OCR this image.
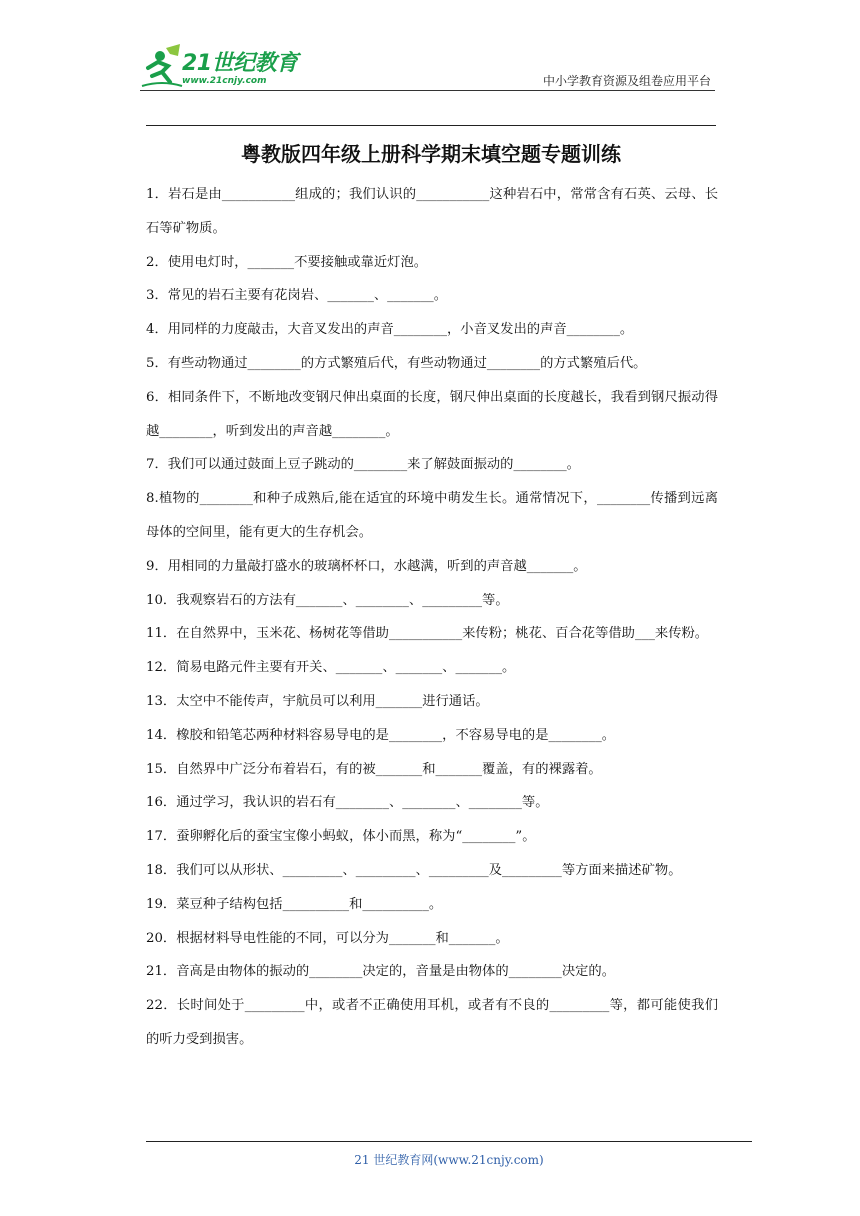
21世纪教育
www.21cnjy.com	中小学教育资源及组卷应用平台
粤教版四年级上册科学期末填空题专题训练

1．岩石是由___________组成的；我们认识的___________这种岩石中，常常含有石英、云母、长石等矿物质。

2．使用电灯时，_______不要接触或靠近灯泡。

3．常见的岩石主要有花岗岩、_______、_______。

4．用同样的力度敲击，大音叉发出的声音________，小音叉发出的声音________。

5．有些动物通过________的方式繁殖后代，有些动物通过________的方式繁殖后代。

6．相同条件下，不断地改变钢尺伸出桌面的长度，钢尺伸出桌面的长度越长，我看到钢尺振动得越________，听到发出的声音越________。

7．我们可以通过鼓面上豆子跳动的________来了解鼓面振动的________。

8.植物的________和种子成熟后,能在适宜的环境中萌发生长。通常情况下，________传播到远离母体的空间里，能有更大的生存机会。

9．用相同的力量敲打盛水的玻璃杯杯口，水越满，听到的声音越_______。

10．我观察岩石的方法有_______、________、_________等。

11．在自然界中，玉米花、杨树花等借助___________来传粉；桃花、百合花等借助___来传粉。

12．简易电路元件主要有开关、_______、_______、_______。

13．太空中不能传声，宇航员可以利用_______进行通话。

14．橡胶和铅笔芯两种材料容易导电的是________，不容易导电的是________。

15．自然界中广泛分布着岩石，有的被_______和_______覆盖，有的裸露着。

16．通过学习，我认识的岩石有________、________、________等。

17．蚕卵孵化后的蚕宝宝像小蚂蚁，体小而黑，称为“________”。

18．我们可以从形状、_________、_________、_________及_________等方面来描述矿物。

19．菜豆种子结构包括__________和__________。

20．根据材料导电性能的不同，可以分为_______和_______。

21．音高是由物体的振动的________决定的，音量是由物体的________决定的。

22．长时间处于_________中，或者不正确使用耳机，或者有不良的_________等，都可能使我们的听力受到损害。

21 世纪教育网(www.21cnjy.com)
